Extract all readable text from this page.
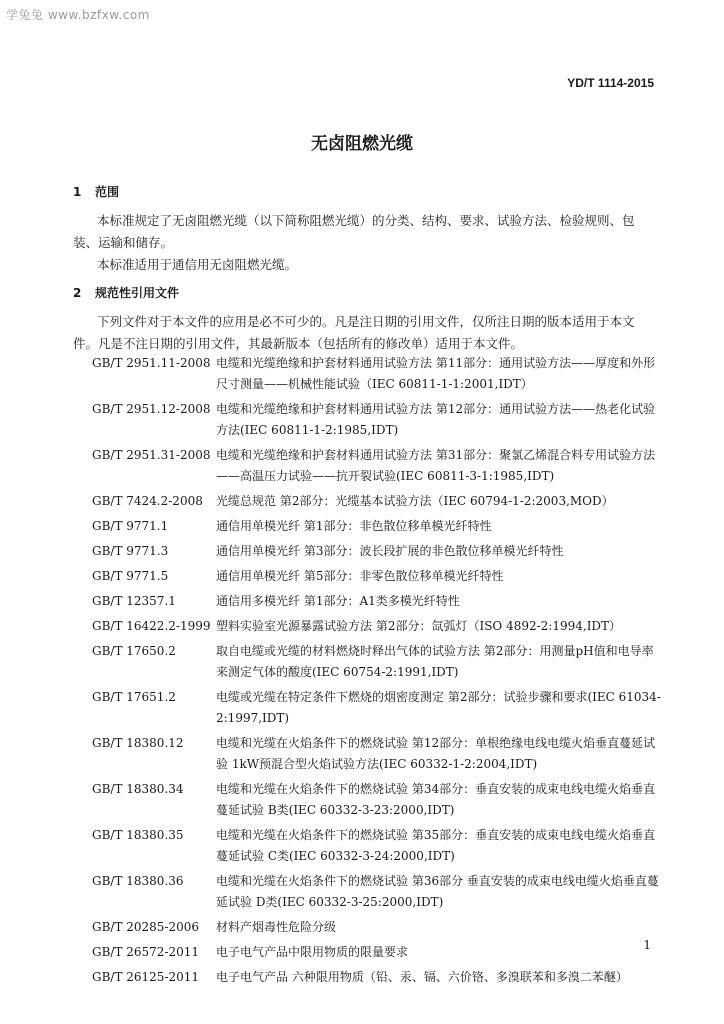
学兔兔 www.bzfxw.com
YD/T 1114-2015
无卤阻燃光缆
1 范围
本标准规定了无卤阻燃光缆（以下简称阻燃光缆）的分类、结构、要求、试验方法、检验规则、包装、运输和储存。
本标准适用于通信用无卤阻燃光缆。
2 规范性引用文件
下列文件对于本文件的应用是必不可少的。凡是注日期的引用文件，仅所注日期的版本适用于本文件。凡是不注日期的引用文件，其最新版本（包括所有的修改单）适用于本文件。
GB/T 2951.11-2008 电缆和光缆绝缘和护套材料通用试验方法 第11部分：通用试验方法——厚度和外形尺寸测量——机械性能试验（IEC 60811-1-1:2001,IDT）
GB/T 2951.12-2008 电缆和光缆绝缘和护套材料通用试验方法 第12部分：通用试验方法——热老化试验方法(IEC 60811-1-2:1985,IDT)
GB/T 2951.31-2008 电缆和光缆绝缘和护套材料通用试验方法 第31部分：聚氯乙烯混合料专用试验方法——高温压力试验——抗开裂试验(IEC 60811-3-1:1985,IDT)
GB/T 7424.2-2008	光缆总规范 第2部分：光缆基本试验方法（IEC 60794-1-2:2003,MOD）
GB/T 9771.1	通信用单模光纤 第1部分：非色散位移单模光纤特性
GB/T 9771.3	通信用单模光纤 第3部分：波长段扩展的非色散位移单模光纤特性
GB/T 9771.5	通信用单模光纤 第5部分：非零色散位移单模光纤特性
GB/T 12357.1	通信用多模光纤 第1部分：A1类多模光纤特性
GB/T 16422.2-1999 塑料实验室光源暴露试验方法 第2部分：氙弧灯（ISO 4892-2:1994,IDT）
GB/T 17650.2	取自电缆或光缆的材料燃烧时释出气体的试验方法 第2部分：用测量pH值和电导率来测定气体的酸度(IEC 60754-2:1991,IDT)
GB/T 17651.2	电缆或光缆在特定条件下燃烧的烟密度测定 第2部分：试验步骤和要求(IEC 61034-2:1997,IDT)
GB/T 18380.12	电缆和光缆在火焰条件下的燃烧试验 第12部分：单根绝缘电线电缆火焰垂直蔓延试验 1kW预混合型火焰试验方法(IEC 60332-1-2:2004,IDT)
GB/T 18380.34	电缆和光缆在火焰条件下的燃烧试验 第34部分：垂直安装的成束电线电缆火焰垂直蔓延试验 B类(IEC 60332-3-23:2000,IDT)
GB/T 18380.35	电缆和光缆在火焰条件下的燃烧试验 第35部分：垂直安装的成束电线电缆火焰垂直蔓延试验 C类(IEC 60332-3-24:2000,IDT)
GB/T 18380.36	电缆和光缆在火焰条件下的燃烧试验 第36部分 垂直安装的成束电线电缆火焰垂直蔓延试验 D类(IEC 60332-3-25:2000,IDT)
GB/T 20285-2006	材料产烟毒性危险分级
GB/T 26572-2011	电子电气产品中限用物质的限量要求
GB/T 26125-2011	电子电气产品 六种限用物质（铅、汞、镉、六价铬、多溴联苯和多溴二苯醚）
1
